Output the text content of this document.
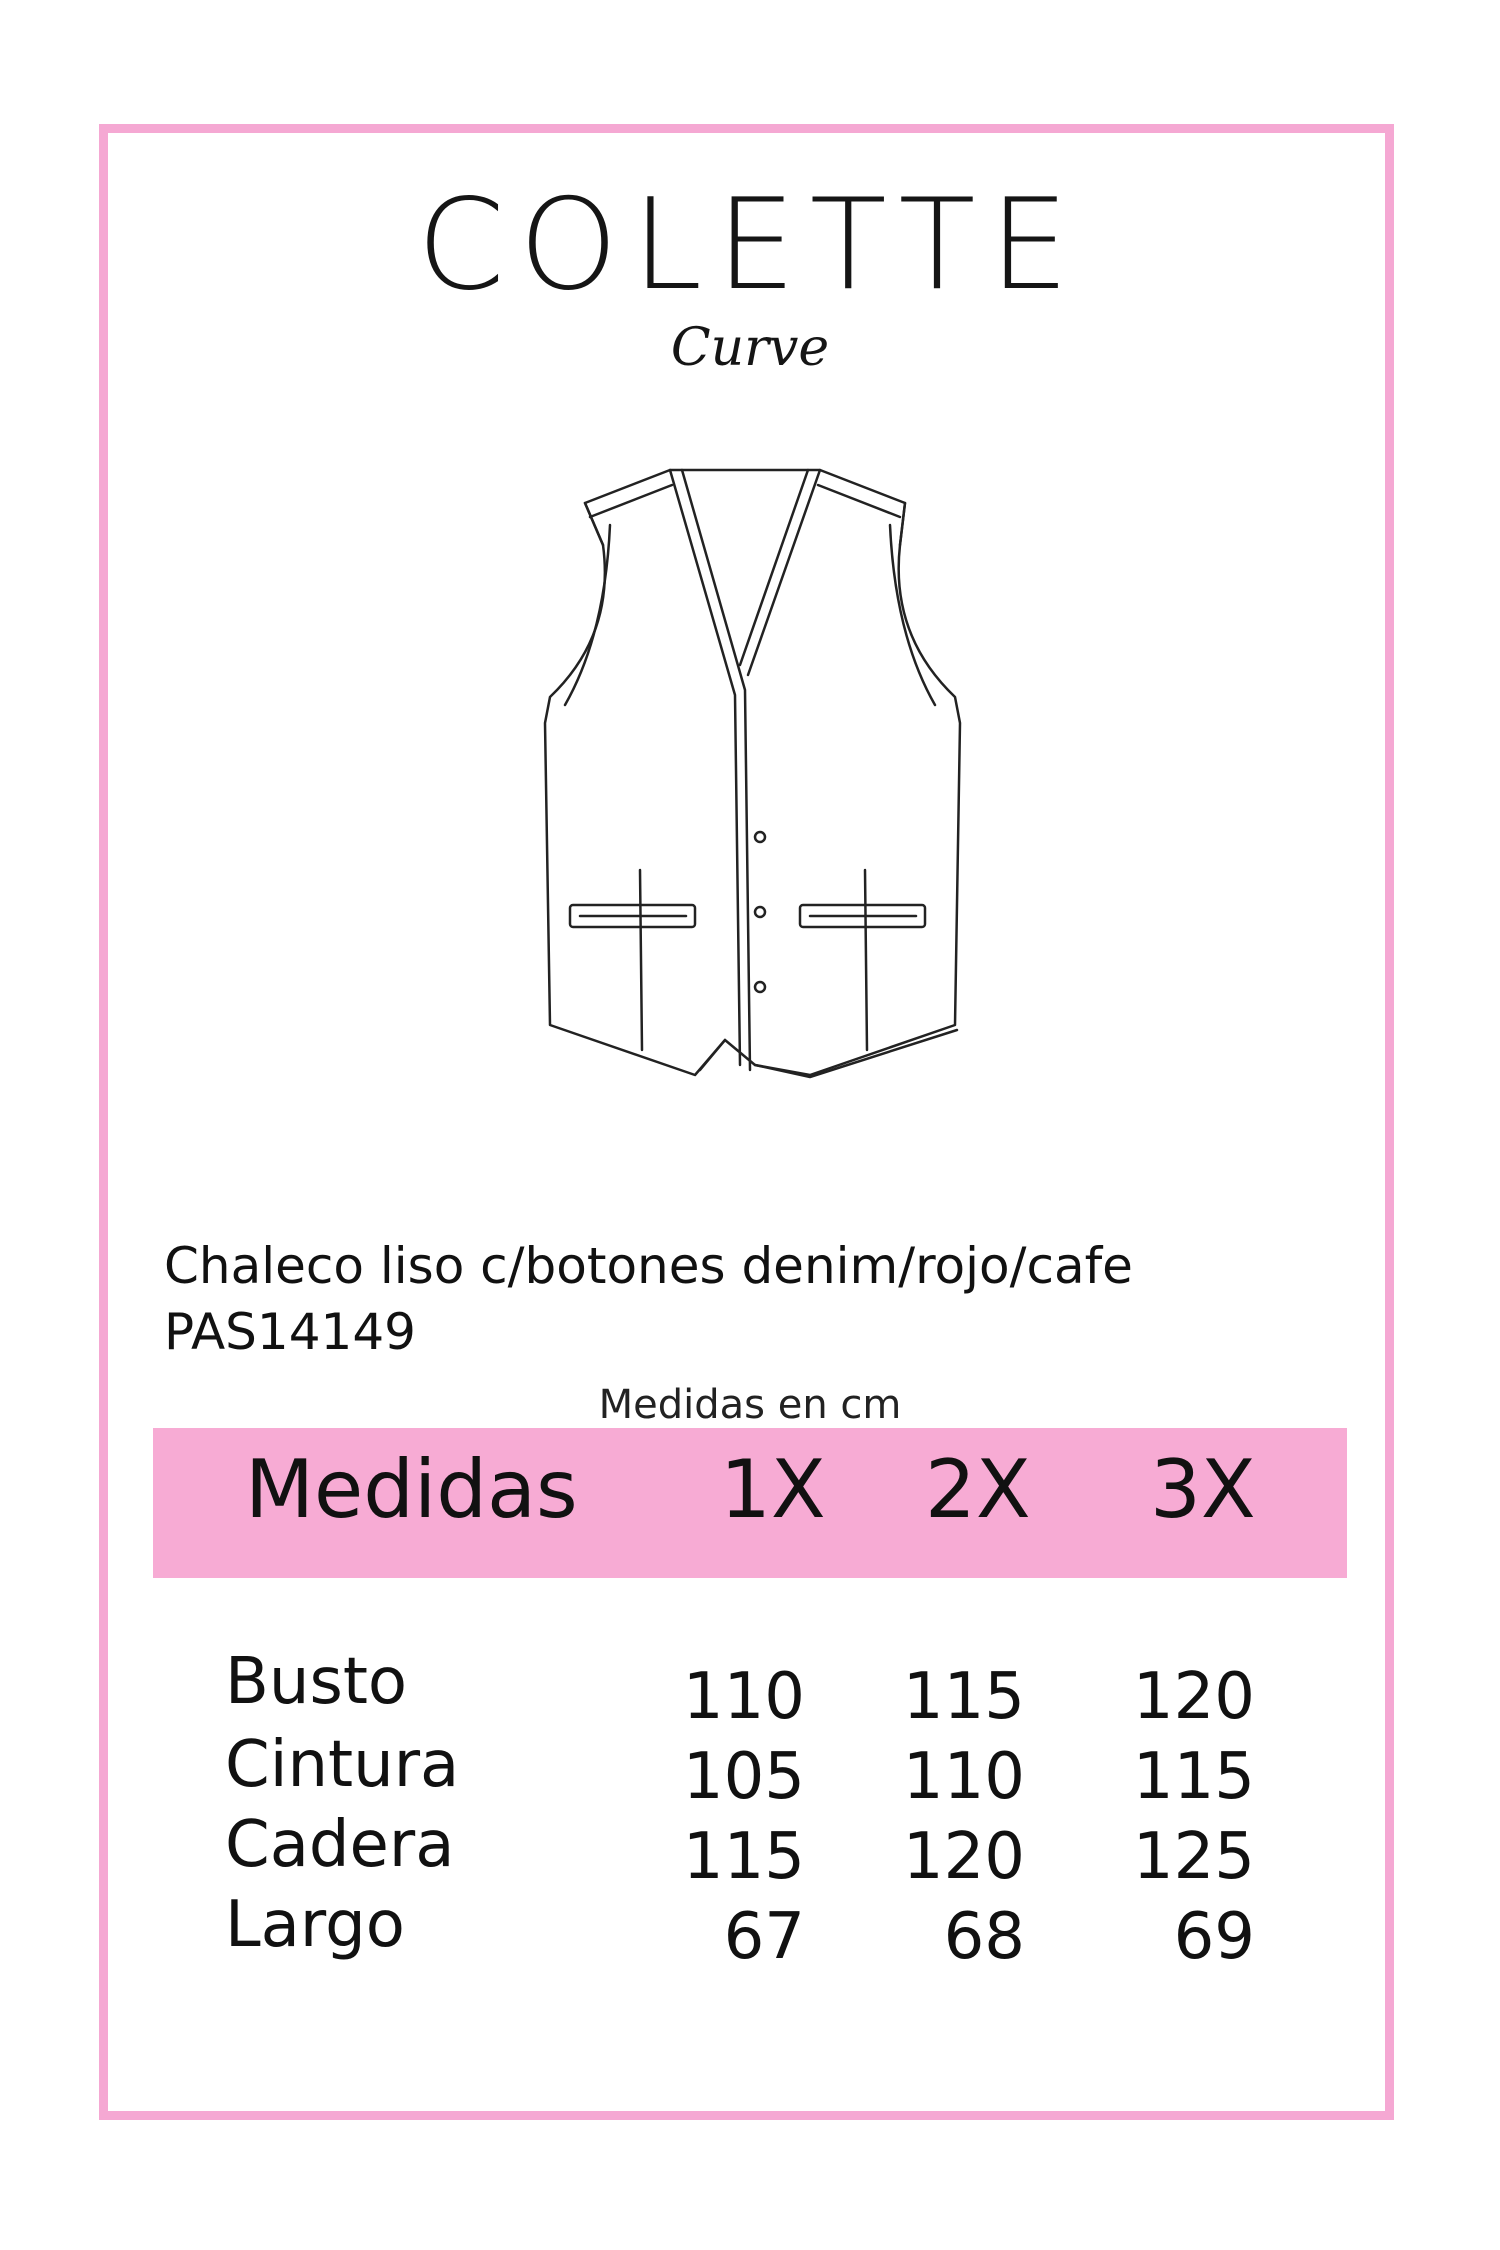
COLETTE
Curve
Chaleco liso c/botones denim/rojo/cafe
PAS14149
Medidas en cm
Medidas 1X 2X 3X
Busto	110	115	120
Cintura	105	110	115
Cadera	115	120	125
Largo	67	68	69
